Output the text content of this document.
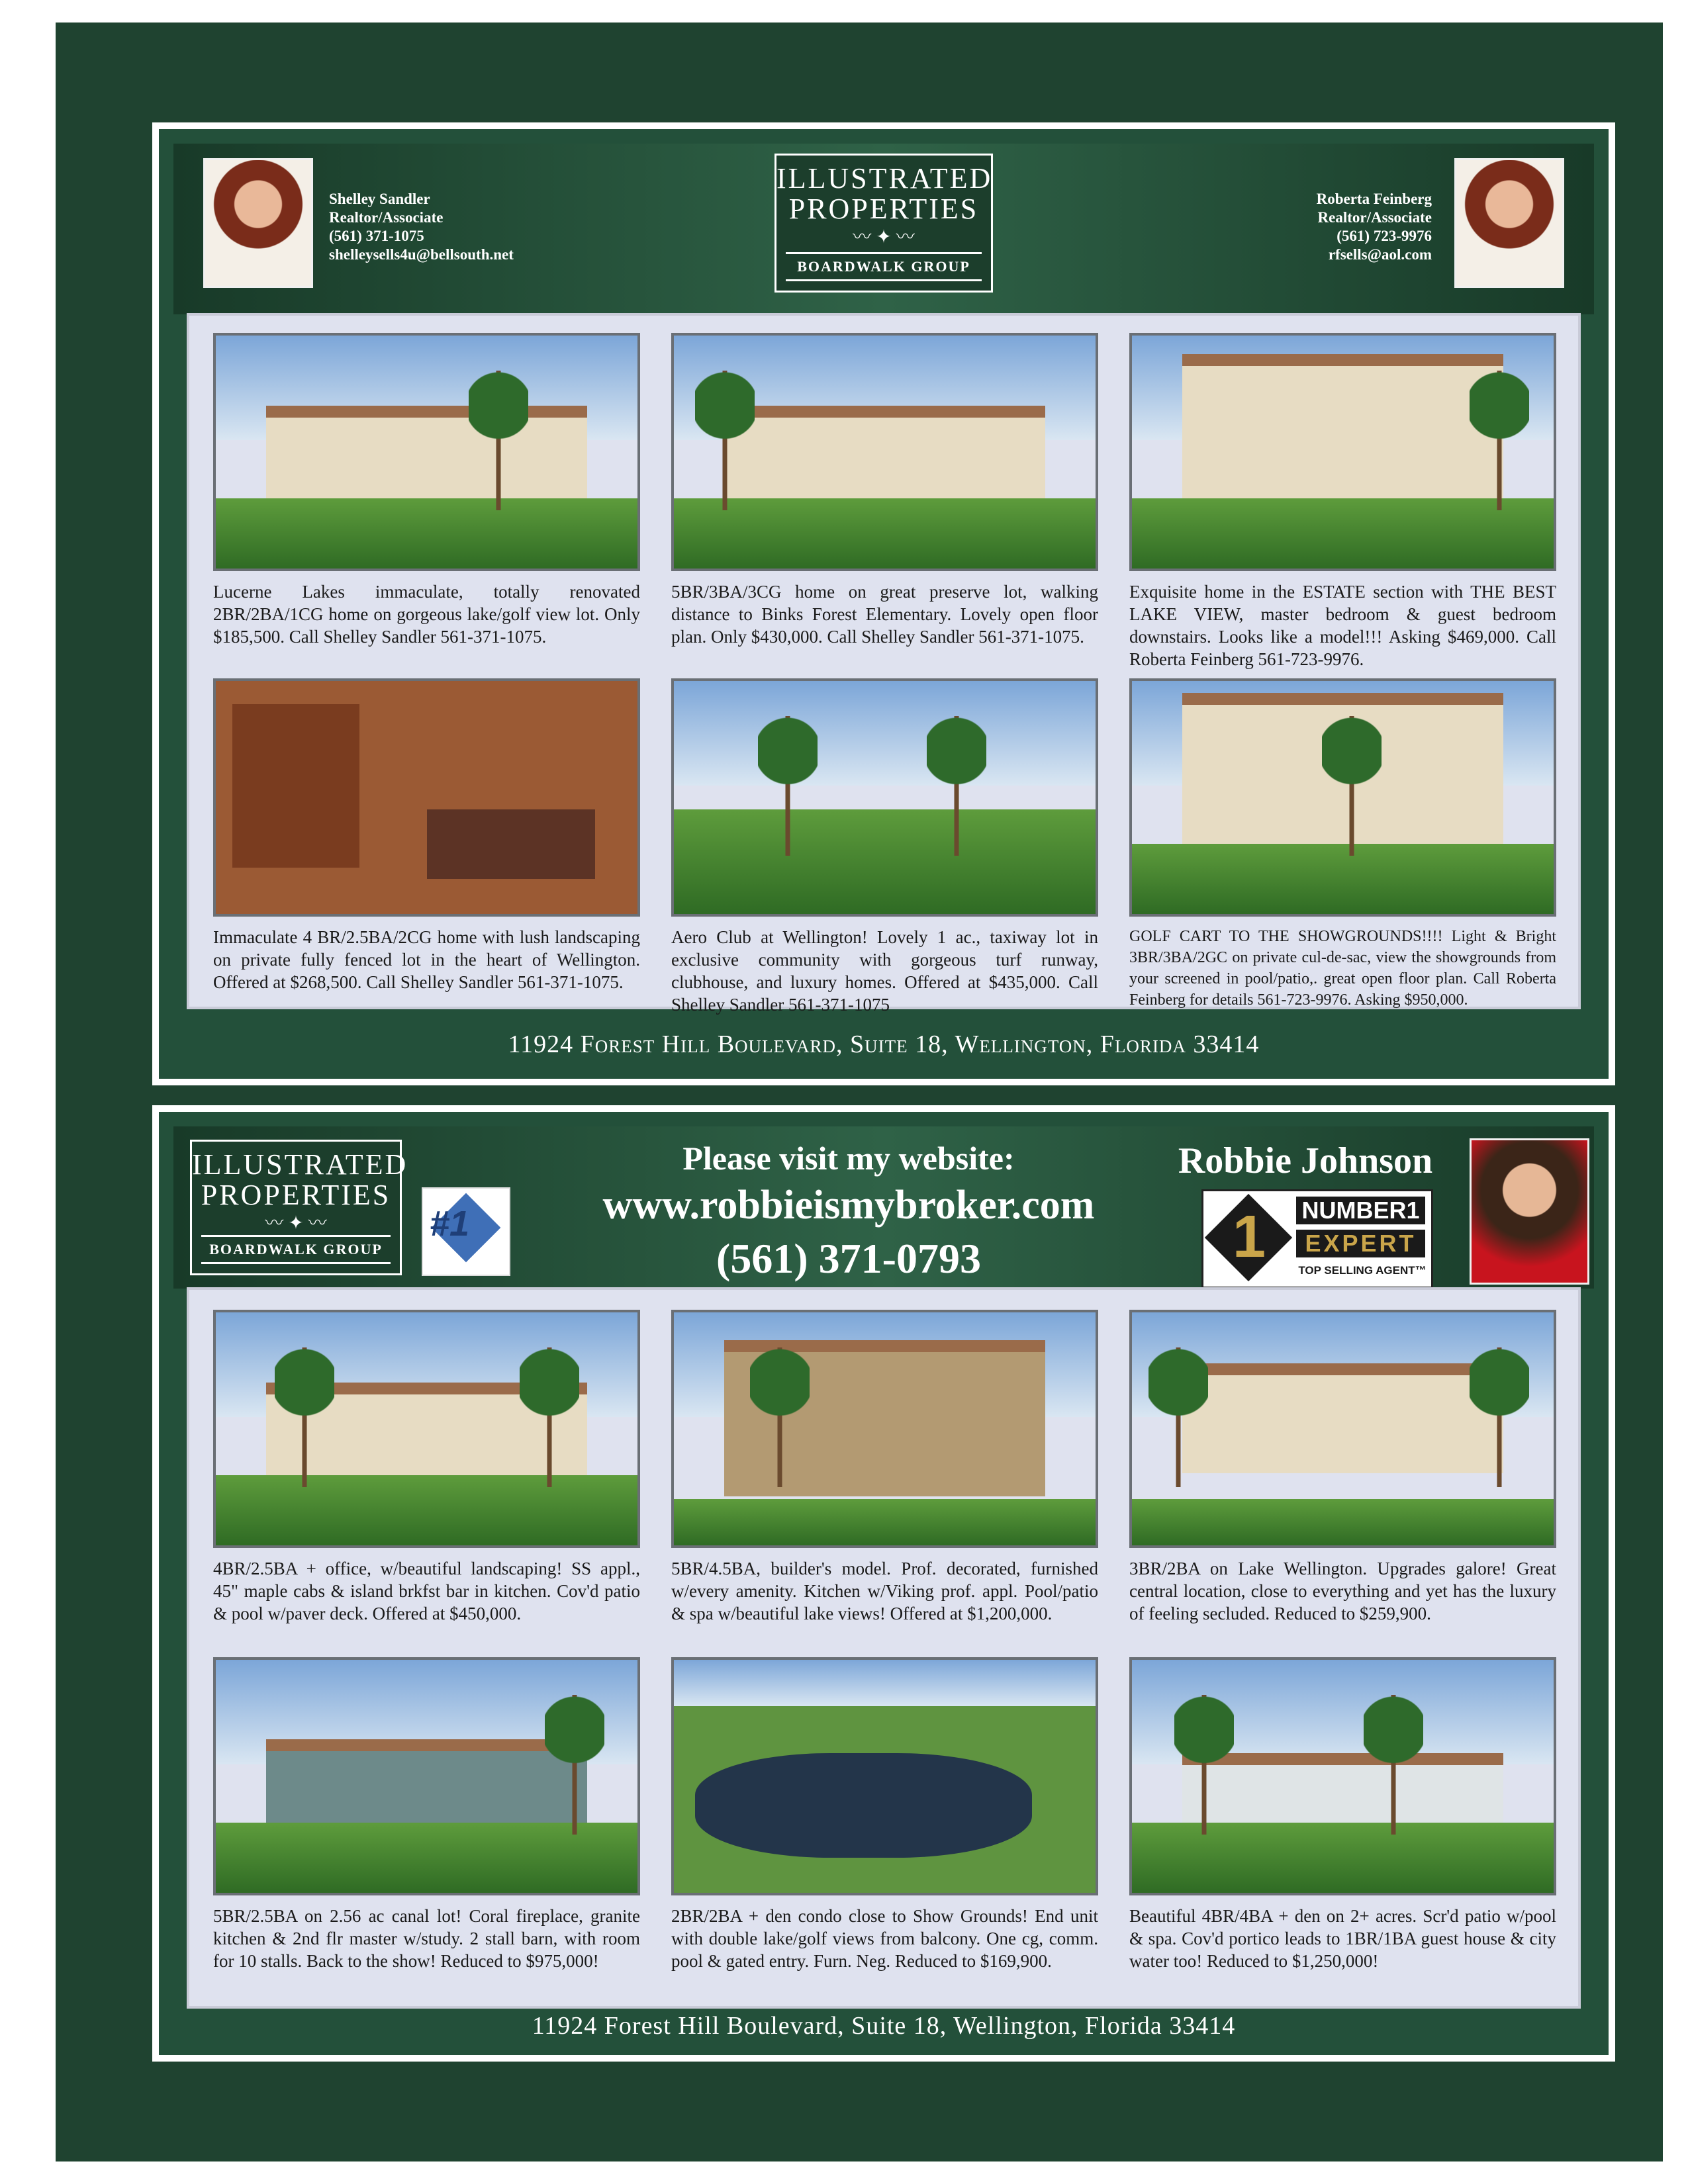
Shelley Sandler
Realtor/Associate
(561) 371-1075
shelleysells4u@bellsouth.net
ILLUSTRATED
PROPERTIES
〰 ✦ 〰
BOARDWALK GROUP
Roberta Feinberg
Realtor/Associate
(561) 723-9976
rfsells@aol.com
Lucerne Lakes immaculate, totally renovated 2BR/2BA/1CG home on gorgeous lake/golf view lot. Only $185,500. Call Shelley Sandler 561-371-1075.
5BR/3BA/3CG home on great preserve lot, walking distance to Binks Forest Elementary. Lovely open floor plan. Only $430,000. Call Shelley Sandler 561-371-1075.
Exquisite home in the ESTATE section with THE BEST LAKE VIEW, master bedroom & guest bedroom downstairs. Looks like a model!!! Asking $469,000. Call Roberta Feinberg 561-723-9976.
Immaculate 4 BR/2.5BA/2CG home with lush landscaping on private fully fenced lot in the heart of Wellington. Offered at $268,500. Call Shelley Sandler 561-371-1075.
Aero Club at Wellington! Lovely 1 ac., taxiway lot in exclusive community with gorgeous turf runway, clubhouse, and luxury homes. Offered at $435,000. Call Shelley Sandler 561-371-1075
GOLF CART TO THE SHOWGROUNDS!!!! Light & Bright 3BR/3BA/2GC on private cul-de-sac, view the showgrounds from your screened in pool/patio,. great open floor plan. Call Roberta Feinberg for details 561-723-9976. Asking $950,000.
11924 Forest Hill Boulevard, Suite 18, Wellington, Florida 33414
ILLUSTRATED
PROPERTIES
〰 ✦ 〰
BOARDWALK GROUP
#1
Please visit my website:
www.robbieismybroker.com
(561) 371-0793
Robbie Johnson
1 NUMBER1
EXPERT
TOP SELLING AGENT™
4BR/2.5BA + office, w/beautiful landscaping! SS appl., 45" maple cabs & island brkfst bar in kitchen. Cov'd patio & pool w/paver deck. Offered at $450,000.
5BR/4.5BA, builder's model. Prof. decorated, furnished w/every amenity. Kitchen w/Viking prof. appl. Pool/patio & spa w/beautiful lake views! Offered at $1,200,000.
3BR/2BA on Lake Wellington. Upgrades galore! Great central location, close to everything and yet has the luxury of feeling secluded. Reduced to $259,900.
5BR/2.5BA on 2.56 ac canal lot! Coral fireplace, granite kitchen & 2nd flr master w/study. 2 stall barn, with room for 10 stalls. Back to the show! Reduced to $975,000!
2BR/2BA + den condo close to Show Grounds! End unit with double lake/golf views from balcony. One cg, comm. pool & gated entry. Furn. Neg. Reduced to $169,900.
Beautiful 4BR/4BA + den on 2+ acres. Scr'd patio w/pool & spa. Cov'd portico leads to 1BR/1BA guest house & city water too! Reduced to $1,250,000!
11924 Forest Hill Boulevard, Suite 18, Wellington, Florida 33414
